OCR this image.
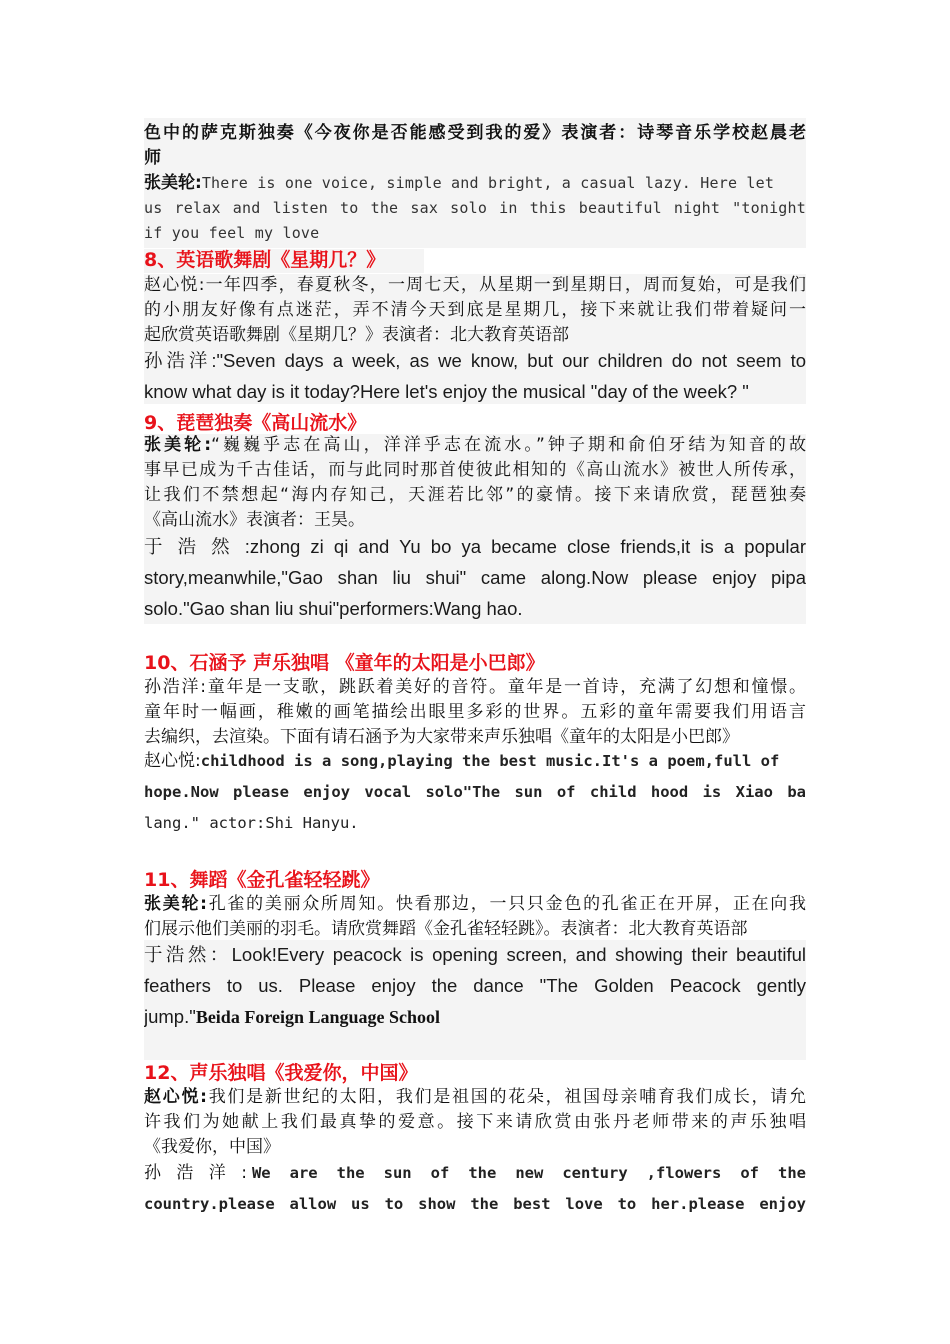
色中的萨克斯独奏《今夜你是否能感受到我的爱》表演者：诗琴音乐学校赵晨老
师
张美轮:There is one voice, simple and bright, a casual lazy. Here let
us relax and listen to the sax solo in this beautiful night "tonight
if you feel my love
8、英语歌舞剧《星期几？》
赵心悦:一年四季，春夏秋冬，一周七天，从星期一到星期日，周而复始，可是我们
的小朋友好像有点迷茫，弄不清今天到底是星期几，接下来就让我们带着疑问一
起欣赏英语歌舞剧《星期几？》表演者：北大教育英语部
孙浩洋:"Seven days a week, as we know, but our children do not seem to
know what day is it today?Here let's enjoy the musical "day of the week? "
9、琵琶独奏《高山流水》
张美轮:“巍巍乎志在高山，洋洋乎志在流水。”钟子期和俞伯牙结为知音的故
事早已成为千古佳话，而与此同时那首使彼此相知的《高山流水》被世人所传承，
让我们不禁想起“海内存知己，天涯若比邻”的豪情。接下来请欣赏，琵琶独奏
《高山流水》表演者：王昊。
于 浩 然 :zhong zi qi and Yu bo ya became close friends,it is a popular
story,meanwhile,"Gao shan liu shui" came along.Now please enjoy pipa
solo."Gao shan liu shui"performers:Wang hao.
10、石涵予 声乐独唱 《童年的太阳是小巴郎》
孙浩洋:童年是一支歌，跳跃着美好的音符。童年是一首诗，充满了幻想和憧憬。
童年时一幅画，稚嫩的画笔描绘出眼里多彩的世界。五彩的童年需要我们用语言
去编织，去渲染。下面有请石涵予为大家带来声乐独唱《童年的太阳是小巴郎》
赵心悦:childhood is a song,playing the best music.It's a poem,full of
hope.Now please enjoy vocal solo"The sun of child hood is Xiao ba
lang." actor:Shi Hanyu.
11、舞蹈《金孔雀轻轻跳》
张美轮:孔雀的美丽众所周知。快看那边，一只只金色的孔雀正在开屏，正在向我
们展示他们美丽的羽毛。请欣赏舞蹈《金孔雀轻轻跳》。表演者：北大教育英语部
于浩然：Look!Every peacock is opening screen, and showing their beautiful
feathers to us. Please enjoy the dance "The Golden Peacock gently
jump."Beida Foreign Language School
12、声乐独唱《我爱你，中国》
赵心悦:我们是新世纪的太阳，我们是祖国的花朵，祖国母亲哺育我们成长，请允
许我们为她献上我们最真挚的爱意。接下来请欣赏由张丹老师带来的声乐独唱
《我爱你，中国》
孙 浩 洋 : We are the sun of the new century ,flowers of the
country.please allow us to show the best love to her.please enjoy
